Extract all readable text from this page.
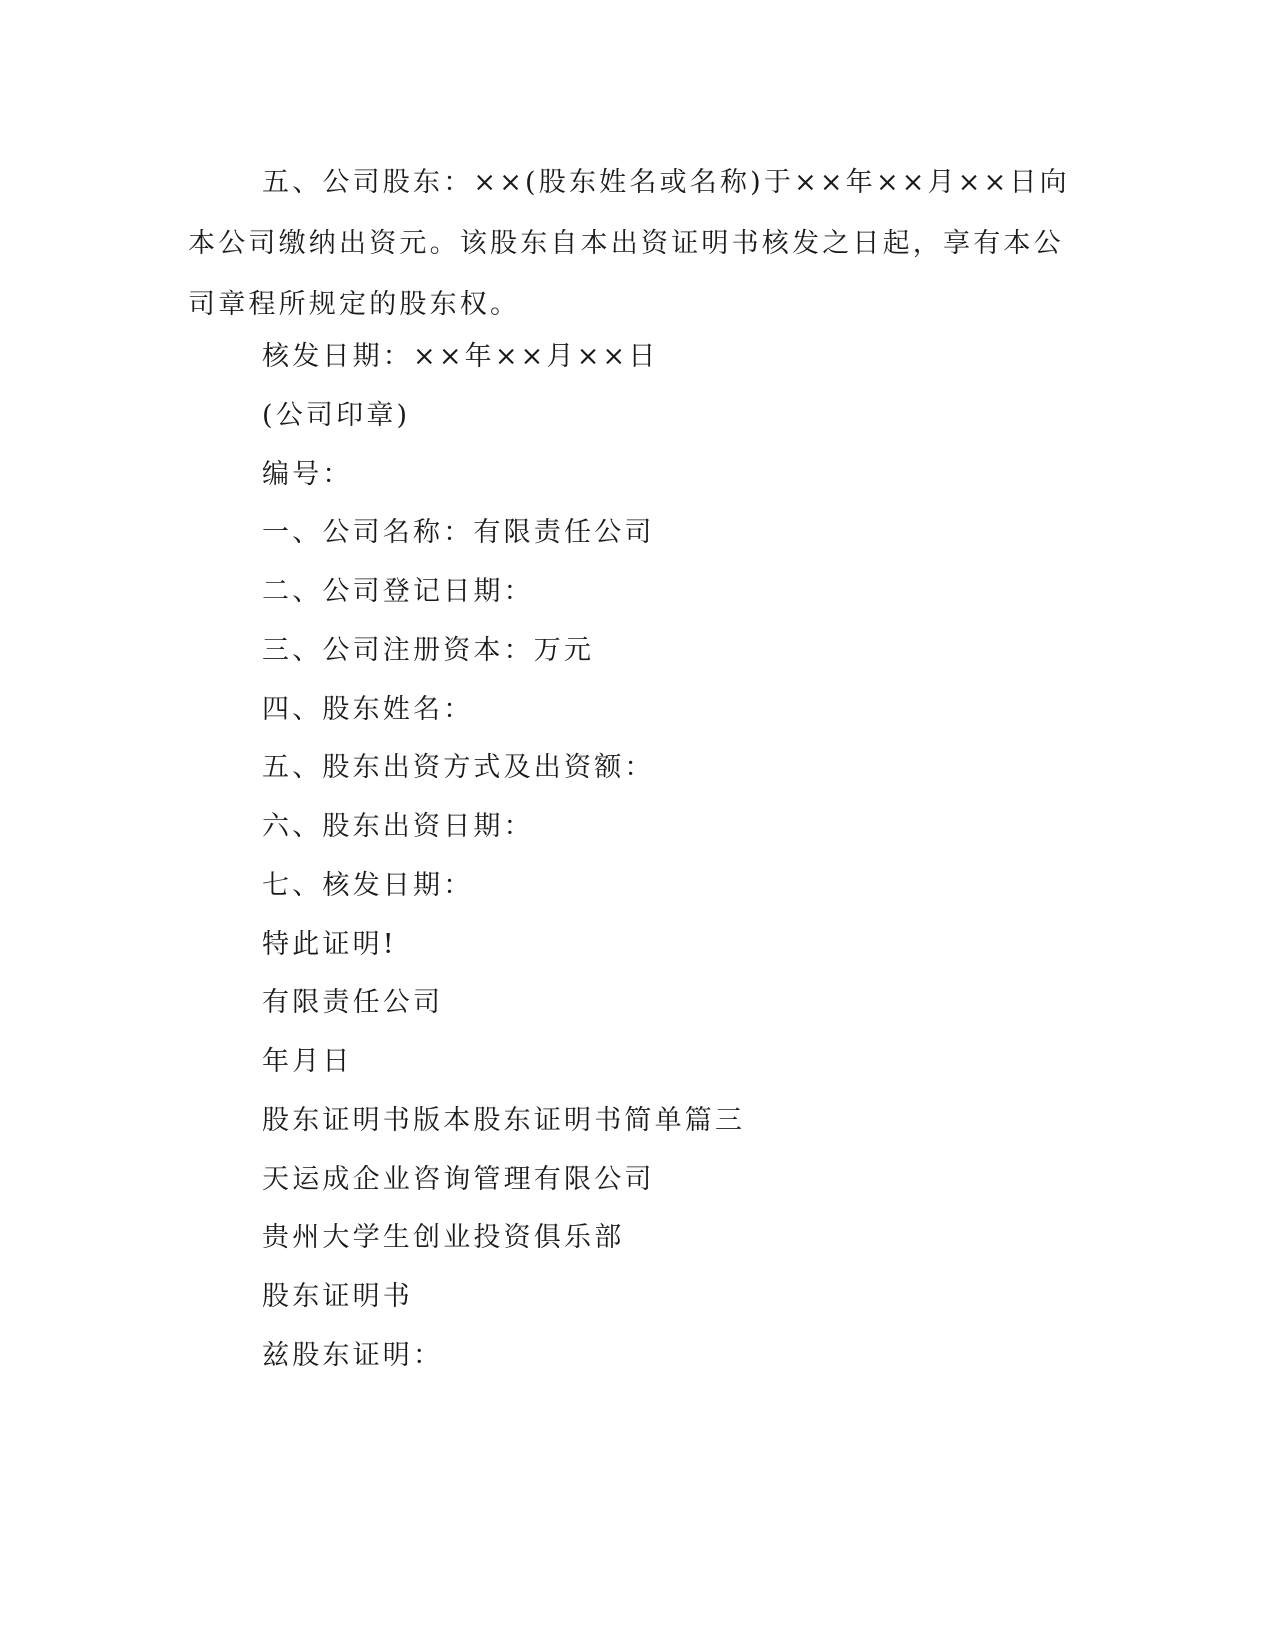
五、公司股东：××(股东姓名或名称)于××年××月××日向本公司缴纳出资元。该股东自本出资证明书核发之日起，享有本公司章程所规定的股东权。

核发日期：××年××月××日

(公司印章)

编号：

一、公司名称：有限责任公司

二、公司登记日期：

三、公司注册资本：万元

四、股东姓名：

五、股东出资方式及出资额：

六、股东出资日期：

七、核发日期：

特此证明!

有限责任公司

年月日

股东证明书版本股东证明书简单篇三

天运成企业咨询管理有限公司

贵州大学生创业投资俱乐部

股东证明书

兹股东证明：
